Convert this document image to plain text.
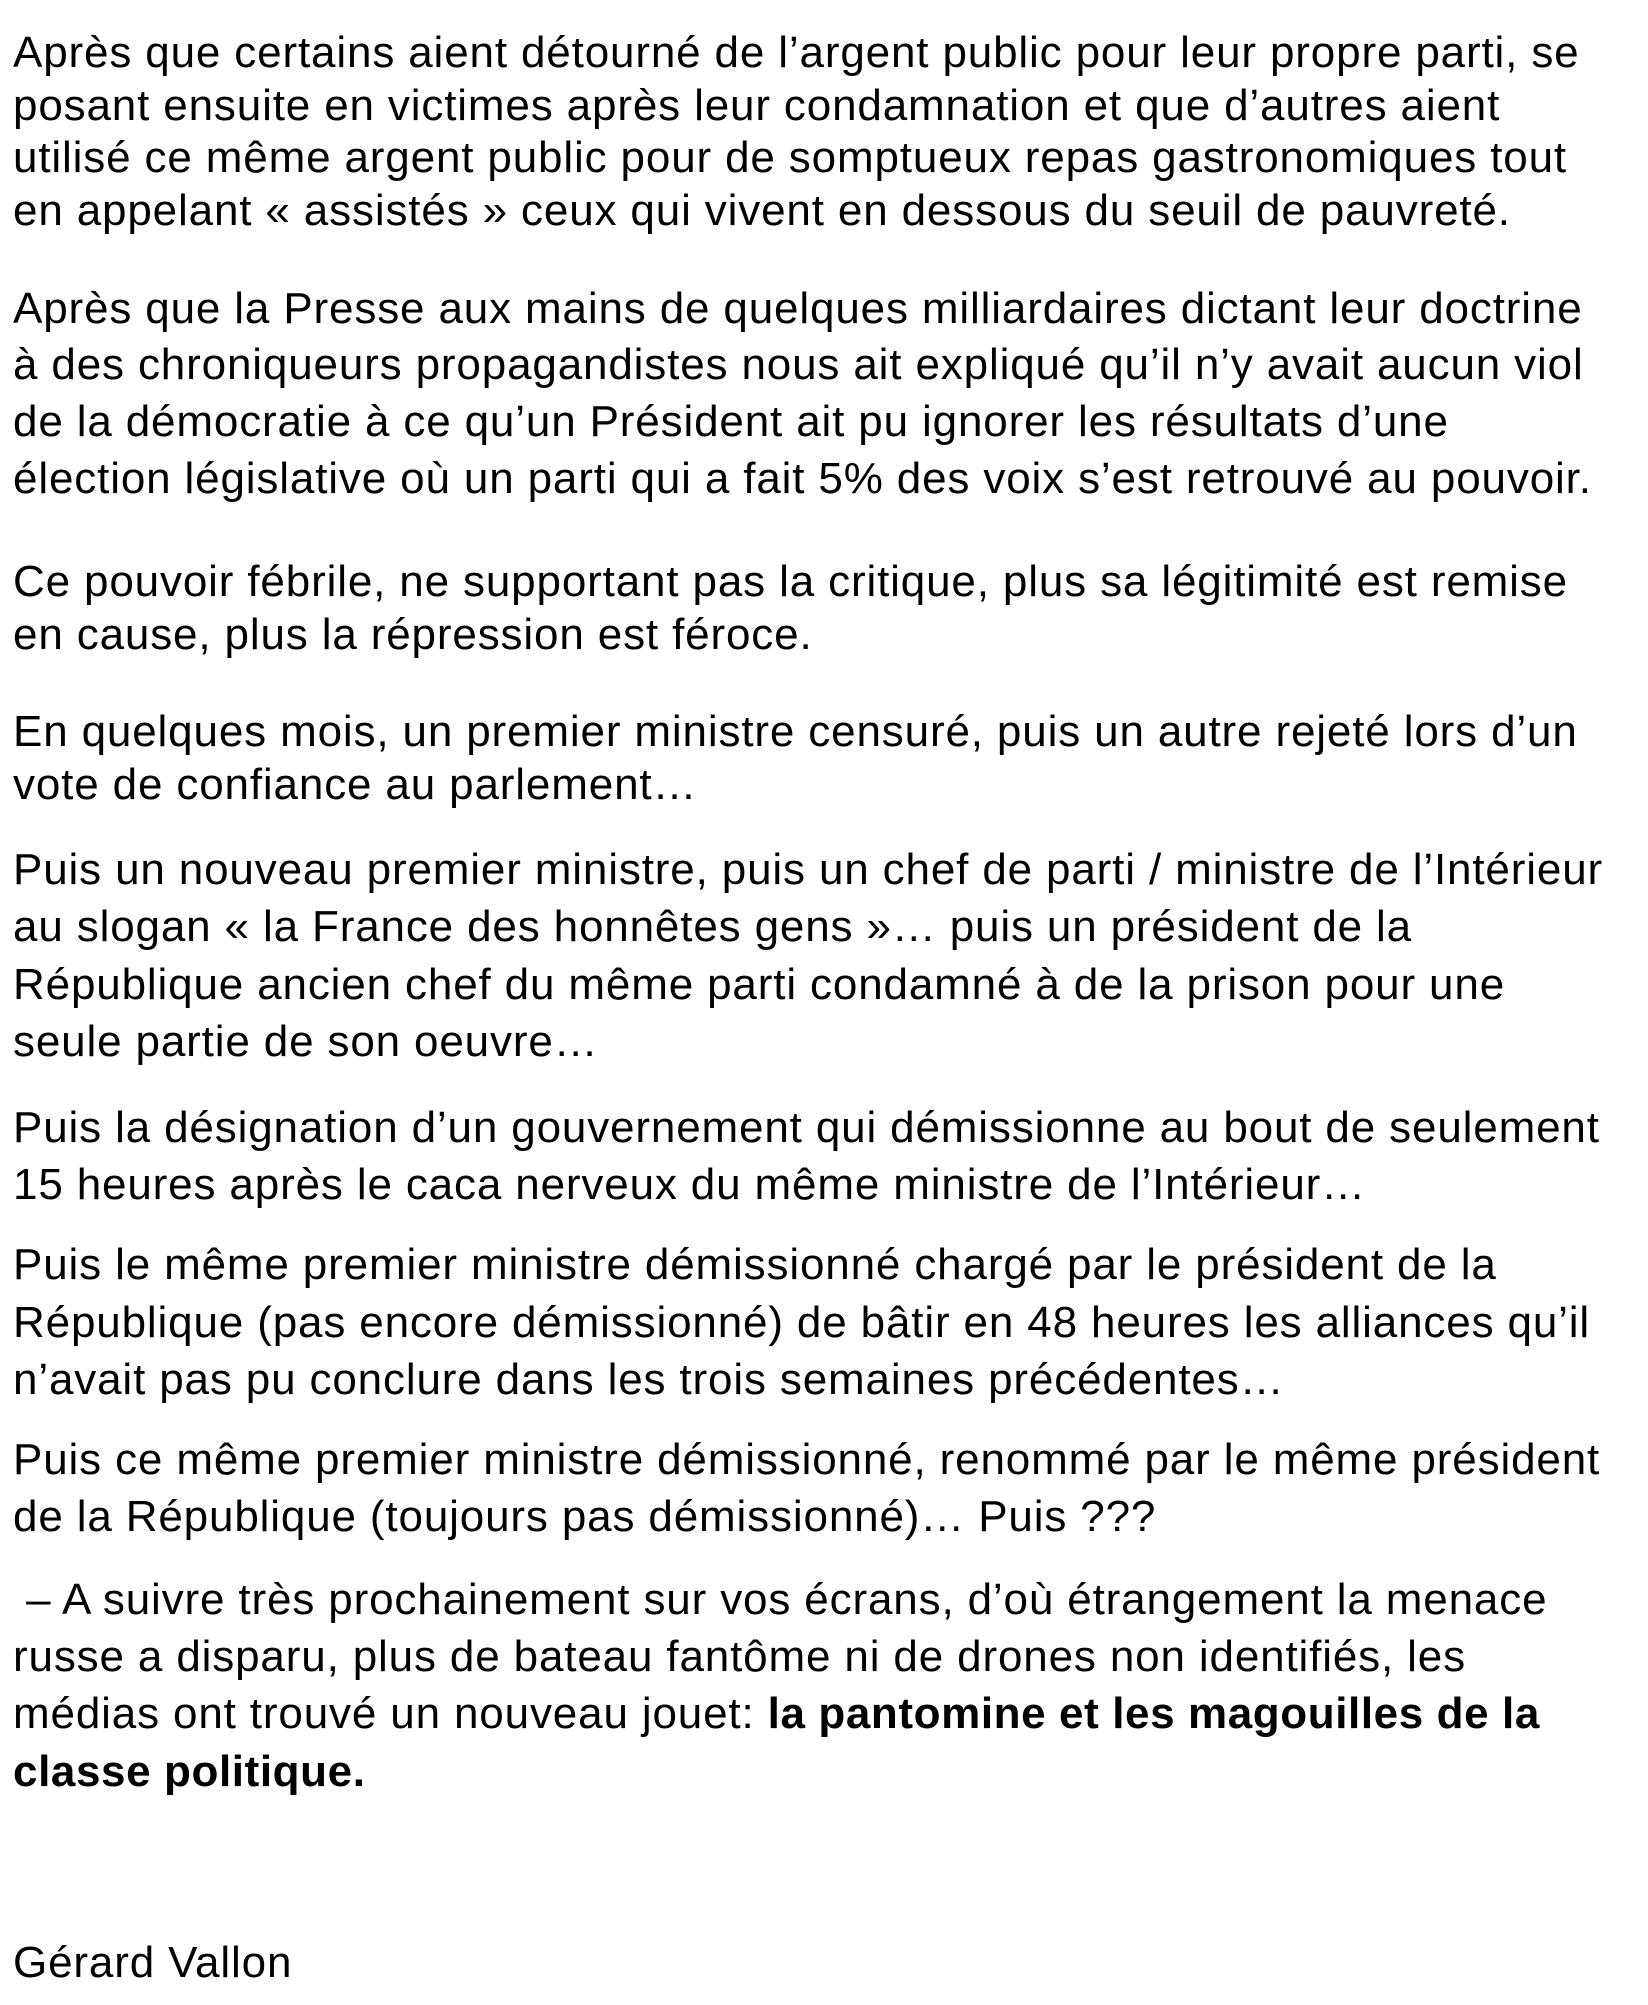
Après que certains aient détourné de l’argent public pour leur propre parti, se

posant ensuite en victimes après leur condamnation et que d’autres aient

utilisé ce même argent public pour de somptueux repas gastronomiques tout

en appelant « assistés » ceux qui vivent en dessous du seuil de pauvreté.

Après que la Presse aux mains de quelques milliardaires dictant leur doctrine

à des chroniqueurs propagandistes nous ait expliqué qu’il n’y avait aucun viol

de la démocratie à ce qu’un Président ait pu ignorer les résultats d’une

élection législative où un parti qui a fait 5% des voix s’est retrouvé au pouvoir.

Ce pouvoir fébrile, ne supportant pas la critique, plus sa légitimité est remise

en cause, plus la répression est féroce.

En quelques mois, un premier ministre censuré, puis un autre rejeté lors d’un

vote de confiance au parlement…

Puis un nouveau premier ministre, puis un chef de parti / ministre de l’Intérieur

au slogan « la France des honnêtes gens »… puis un président de la

République ancien chef du même parti condamné à de la prison pour une

seule partie de son oeuvre…

Puis la désignation d’un gouvernement qui démissionne au bout de seulement

15 heures après le caca nerveux du même ministre de l’Intérieur…

Puis le même premier ministre démissionné chargé par le président de la

République (pas encore démissionné) de bâtir en 48 heures les alliances qu’il

n’avait pas pu conclure dans les trois semaines précédentes…

Puis ce même premier ministre démissionné, renommé par le même président

de la République (toujours pas démissionné)… Puis ???

– A suivre très prochainement sur vos écrans, d’où étrangement la menace

russe a disparu, plus de bateau fantôme ni de drones non identifiés, les

médias ont trouvé un nouveau jouet: la pantomine et les magouilles de la

classe politique.

Gérard Vallon
